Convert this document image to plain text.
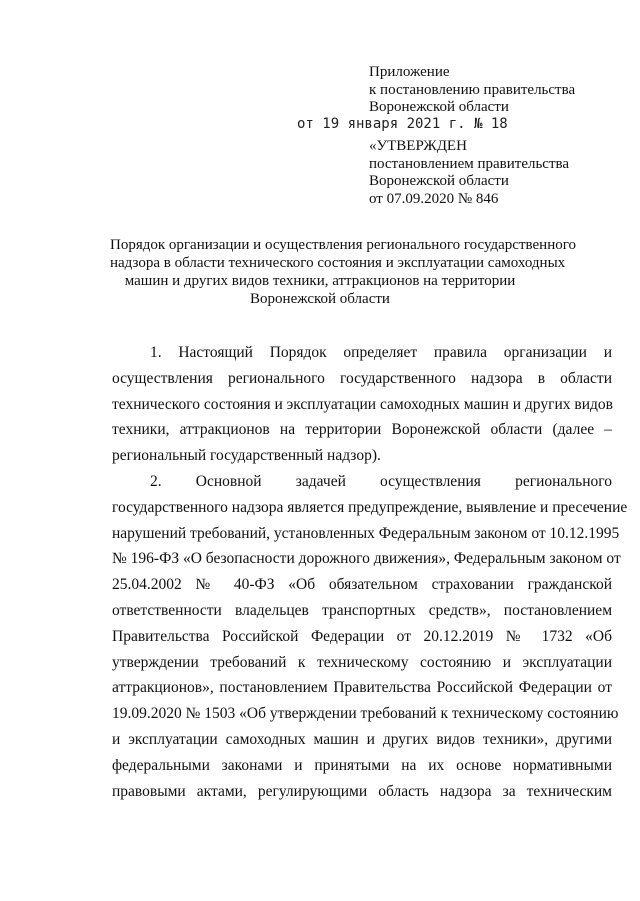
Приложение
к постановлению правительства
Воронежской области
от 19 января 2021 г. № 18
«УТВЕРЖДЕН
постановлением правительства
Воронежской области
от 07.09.2020 № 846
Порядок организации и осуществления регионального государственного
надзора в области технического состояния и эксплуатации самоходных
машин и других видов техники, аттракционов на территории
Воронежской области
1. Настоящий Порядок определяет правила организации и
осуществления регионального государственного надзора в области
технического состояния и эксплуатации самоходных машин и других видов
техники, аттракционов на территории Воронежской области (далее –
региональный государственный надзор).
2. Основной задачей осуществления регионального
государственного надзора является предупреждение, выявление и пресечение
нарушений требований, установленных Федеральным законом от 10.12.1995
№ 196-ФЗ «О безопасности дорожного движения», Федеральным законом от
25.04.2002 № 40-ФЗ «Об обязательном страховании гражданской
ответственности владельцев транспортных средств», постановлением
Правительства Российской Федерации от 20.12.2019 № 1732 «Об
утверждении требований к техническому состоянию и эксплуатации
аттракционов», постановлением Правительства Российской Федерации от
19.09.2020 № 1503 «Об утверждении требований к техническому состоянию
и эксплуатации самоходных машин и других видов техники», другими
федеральными законами и принятыми на их основе нормативными
правовыми актами, регулирующими область надзора за техническим
